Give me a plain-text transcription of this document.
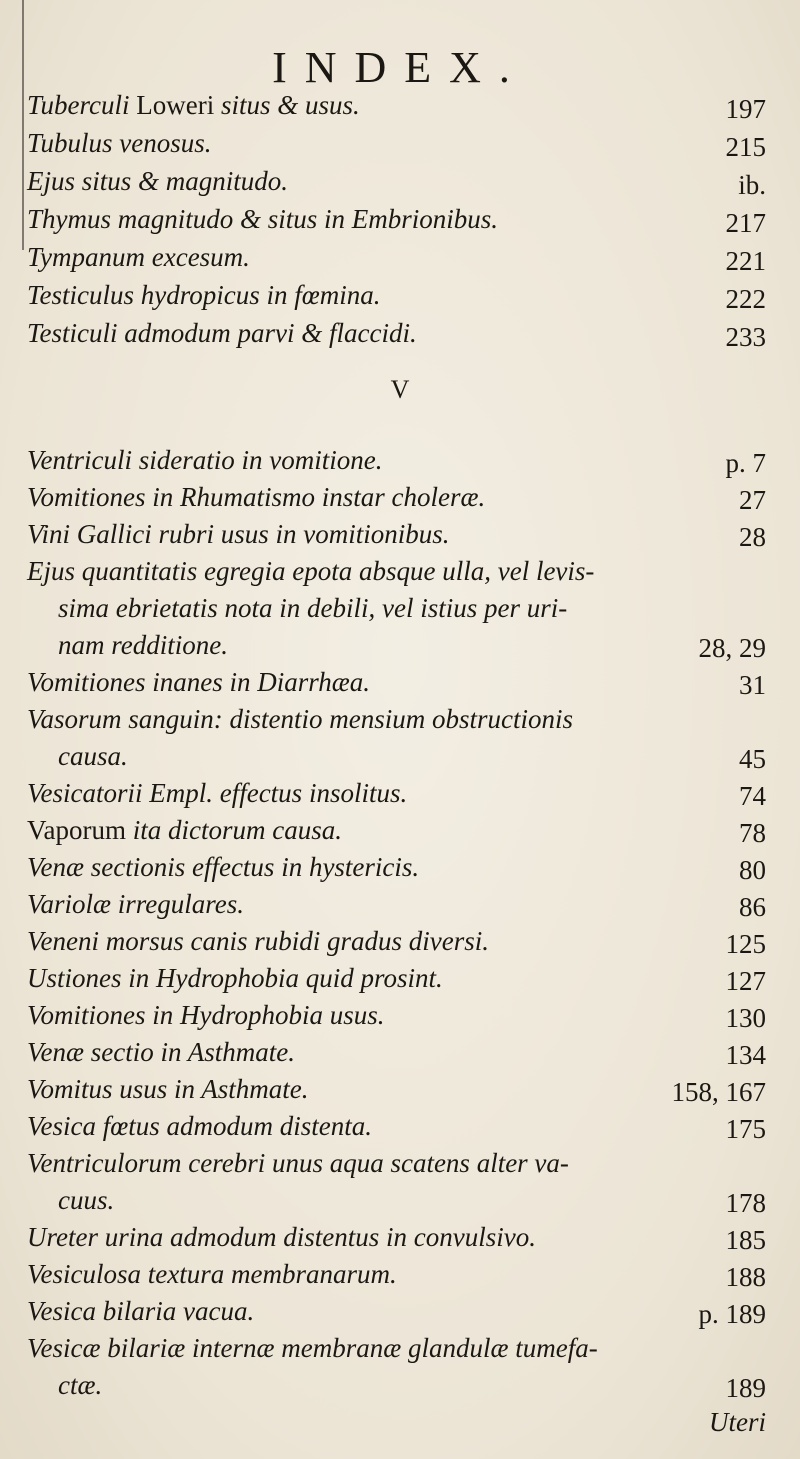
INDEX.
Tuberculi Loweri situs & usus.	197
Tubulus venosus.	215
Ejus situs & magnitudo.	ib.
Thymus magnitudo & situs in Embrionibus.	217
Tympanum excesum.	221
Testiculus hydropicus in fœmina.	222
Testiculi admodum parvi & flaccidi.	233
V
Ventriculi sideratio in vomitione.	p. 7
Vomitiones in Rhumatismo instar choleræ.	27
Vini Gallici rubri usus in vomitionibus.	28
Ejus quantitatis egregia epota absque ulla, vel levis-
sima ebrietatis nota in debili, vel istius per uri-
nam redditione.	28, 29
Vomitiones inanes in Diarrhæa.	31
Vasorum sanguin: distentio mensium obstructionis
causa.	45
Vesicatorii Empl. effectus insolitus.	74
Vaporum ita dictorum causa.	78
Venæ sectionis effectus in hystericis.	80
Variolæ irregulares.	86
Veneni morsus canis rubidi gradus diversi.	125
Ustiones in Hydrophobia quid prosint.	127
Vomitiones in Hydrophobia usus.	130
Venæ sectio in Asthmate.	134
Vomitus usus in Asthmate.	158, 167
Vesica fœtus admodum distenta.	175
Ventriculorum cerebri unus aqua scatens alter va-
cuus.	178
Ureter urina admodum distentus in convulsivo.	185
Vesiculosa textura membranarum.	188
Vesica bilaria vacua.	p. 189
Vesicæ bilariæ internæ membranæ glandulæ tumefa-
ctæ.	189
Uteri
